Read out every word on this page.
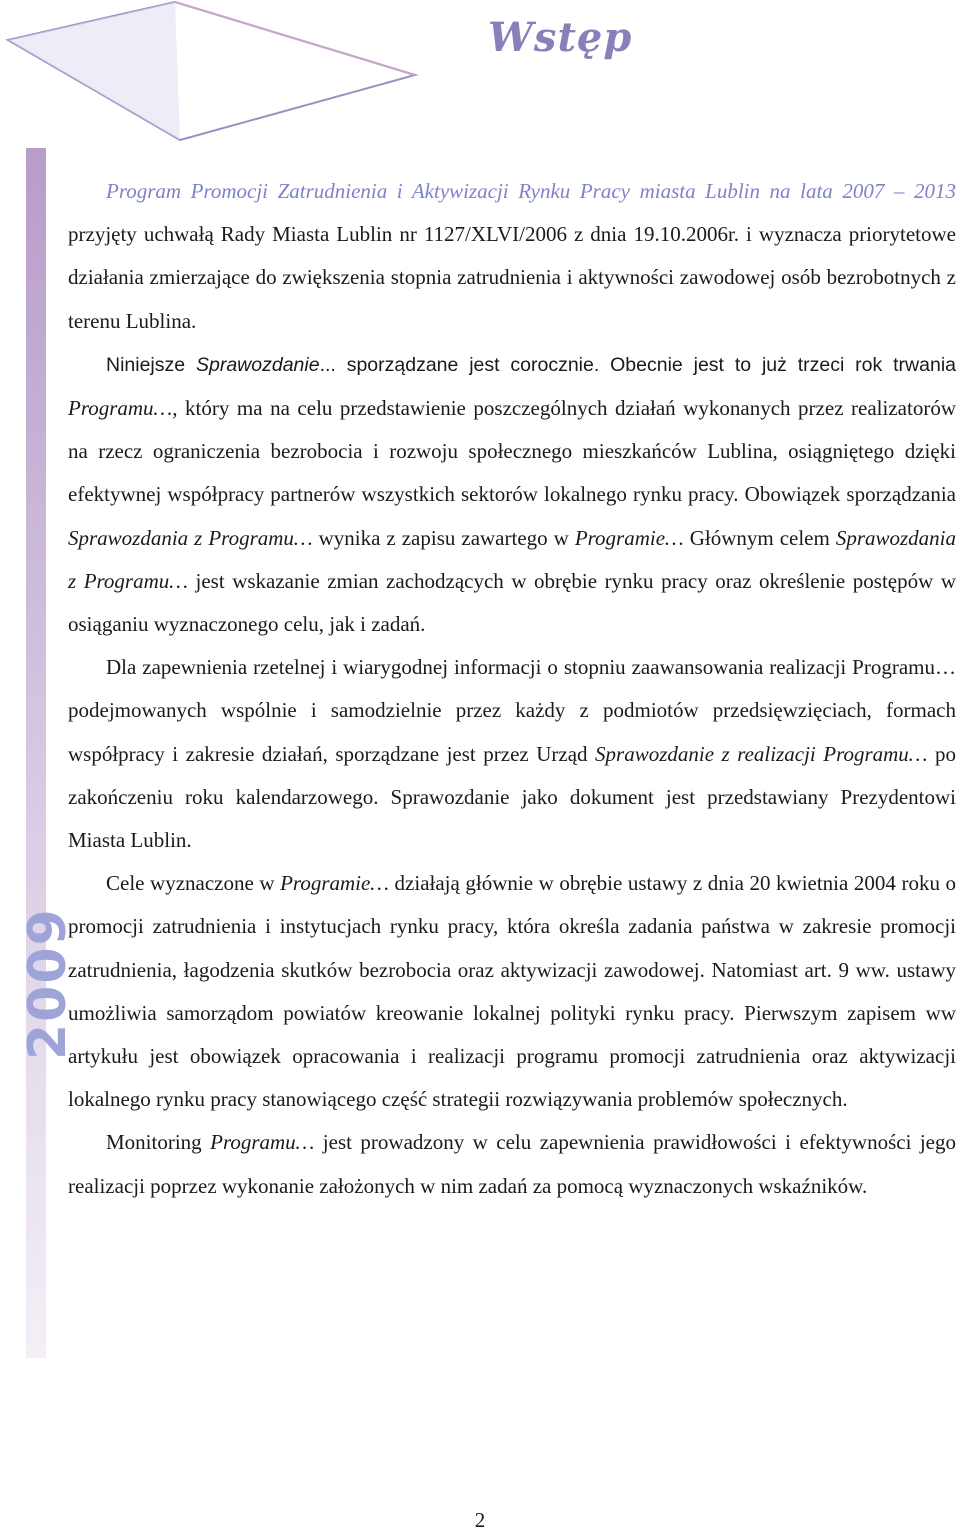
Wstęp
2009

Program Promocji Zatrudnienia i Aktywizacji Rynku Pracy miasta Lublin na lata 2007 – 2013 przyjęty uchwałą Rady Miasta Lublin nr 1127/XLVI/2006 z dnia 19.10.2006r. i wyznacza priorytetowe działania zmierzające do zwiększenia stopnia zatrudnienia i aktywności zawodowej osób bezrobotnych z terenu Lublina.

Niniejsze Sprawozdanie... sporządzane jest corocznie. Obecnie jest to już trzeci rok trwania Programu…, który ma na celu przedstawienie poszczególnych działań wykonanych przez realizatorów na rzecz ograniczenia bezrobocia i rozwoju społecznego mieszkańców Lublina, osiągniętego dzięki efektywnej współpracy partnerów wszystkich sektorów lokalnego rynku pracy. Obowiązek sporządzania Sprawozdania z Programu… wynika z zapisu zawartego w Programie… Głównym celem Sprawozdania z Programu… jest wskazanie zmian zachodzących w obrębie rynku pracy oraz określenie postępów w osiąganiu wyznaczonego celu, jak i zadań.

Dla zapewnienia rzetelnej i wiarygodnej informacji o stopniu zaawansowania realizacji Programu… podejmowanych wspólnie i samodzielnie przez każdy z podmiotów przedsięwzięciach, formach współpracy i zakresie działań, sporządzane jest przez Urząd Sprawozdanie z realizacji Programu… po zakończeniu roku kalendarzowego. Sprawozdanie jako dokument jest przedstawiany Prezydentowi Miasta Lublin.

Cele wyznaczone w Programie… działają głównie w obrębie ustawy z dnia 20 kwietnia 2004 roku o promocji zatrudnienia i instytucjach rynku pracy, która określa zadania państwa w zakresie promocji zatrudnienia, łagodzenia skutków bezrobocia oraz aktywizacji zawodowej. Natomiast art. 9 ww. ustawy umożliwia samorządom powiatów kreowanie lokalnej polityki rynku pracy. Pierwszym zapisem ww artykułu jest obowiązek opracowania i realizacji programu promocji zatrudnienia oraz aktywizacji lokalnego rynku pracy stanowiącego część strategii rozwiązywania problemów społecznych.

Monitoring Programu… jest prowadzony w celu zapewnienia prawidłowości i efektywności jego realizacji poprzez wykonanie założonych w nim zadań za pomocą wyznaczonych wskaźników.

2
